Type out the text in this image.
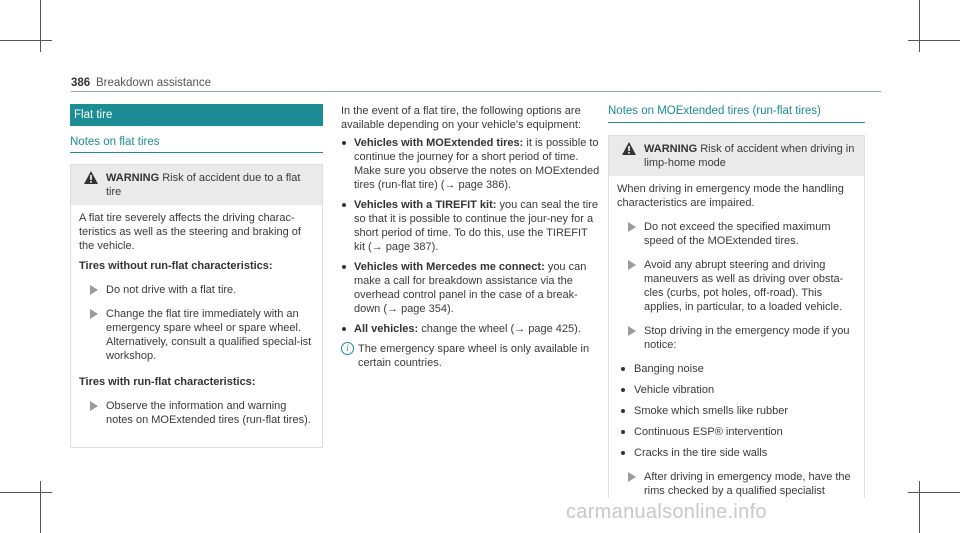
386 Breakdown assistance
Flat tire
Notes on flat tires
WARNING Risk of accident due to a flat tire

A flat tire severely affects the driving charac-teristics as well as the steering and braking of the vehicle.

Tires without run-flat characteristics:
Do not drive with a flat tire.
Change the flat tire immediately with an emergency spare wheel or spare wheel. Alternatively, consult a qualified special-ist workshop.
Tires with run-flat characteristics:
Observe the information and warning notes on MOExtended tires (run-flat tires).

In the event of a flat tire, the following options are available depending on your vehicle's equipment:

Vehicles with MOExtended tires: it is possible to continue the journey for a short period of time. Make sure you observe the notes on MOExtended tires (run-flat tire) (→ page 386).
Vehicles with a TIREFIT kit: you can seal the tire so that it is possible to continue the jour-ney for a short period of time. To do this, use the TIREFIT kit (→ page 387).
Vehicles with Mercedes me connect: you can make a call for breakdown assistance via the overhead control panel in the case of a break-down (→ page 354).
All vehicles: change the wheel (→ page 425).
i The emergency spare wheel is only available in certain countries.
Notes on MOExtended tires (run-flat tires)
WARNING Risk of accident when driving in limp-home mode

When driving in emergency mode the handling characteristics are impaired.

Do not exceed the specified maximum speed of the MOExtended tires.
Avoid any abrupt steering and driving maneuvers as well as driving over obsta-cles (curbs, pot holes, off-road). This applies, in particular, to a loaded vehicle.
Stop driving in the emergency mode if you notice:
Banging noise
Vehicle vibration
Smoke which smells like rubber
Continuous ESP® intervention
Cracks in the tire side walls
After driving in emergency mode, have the rims checked by a qualified specialist
carmanualsonline.info
